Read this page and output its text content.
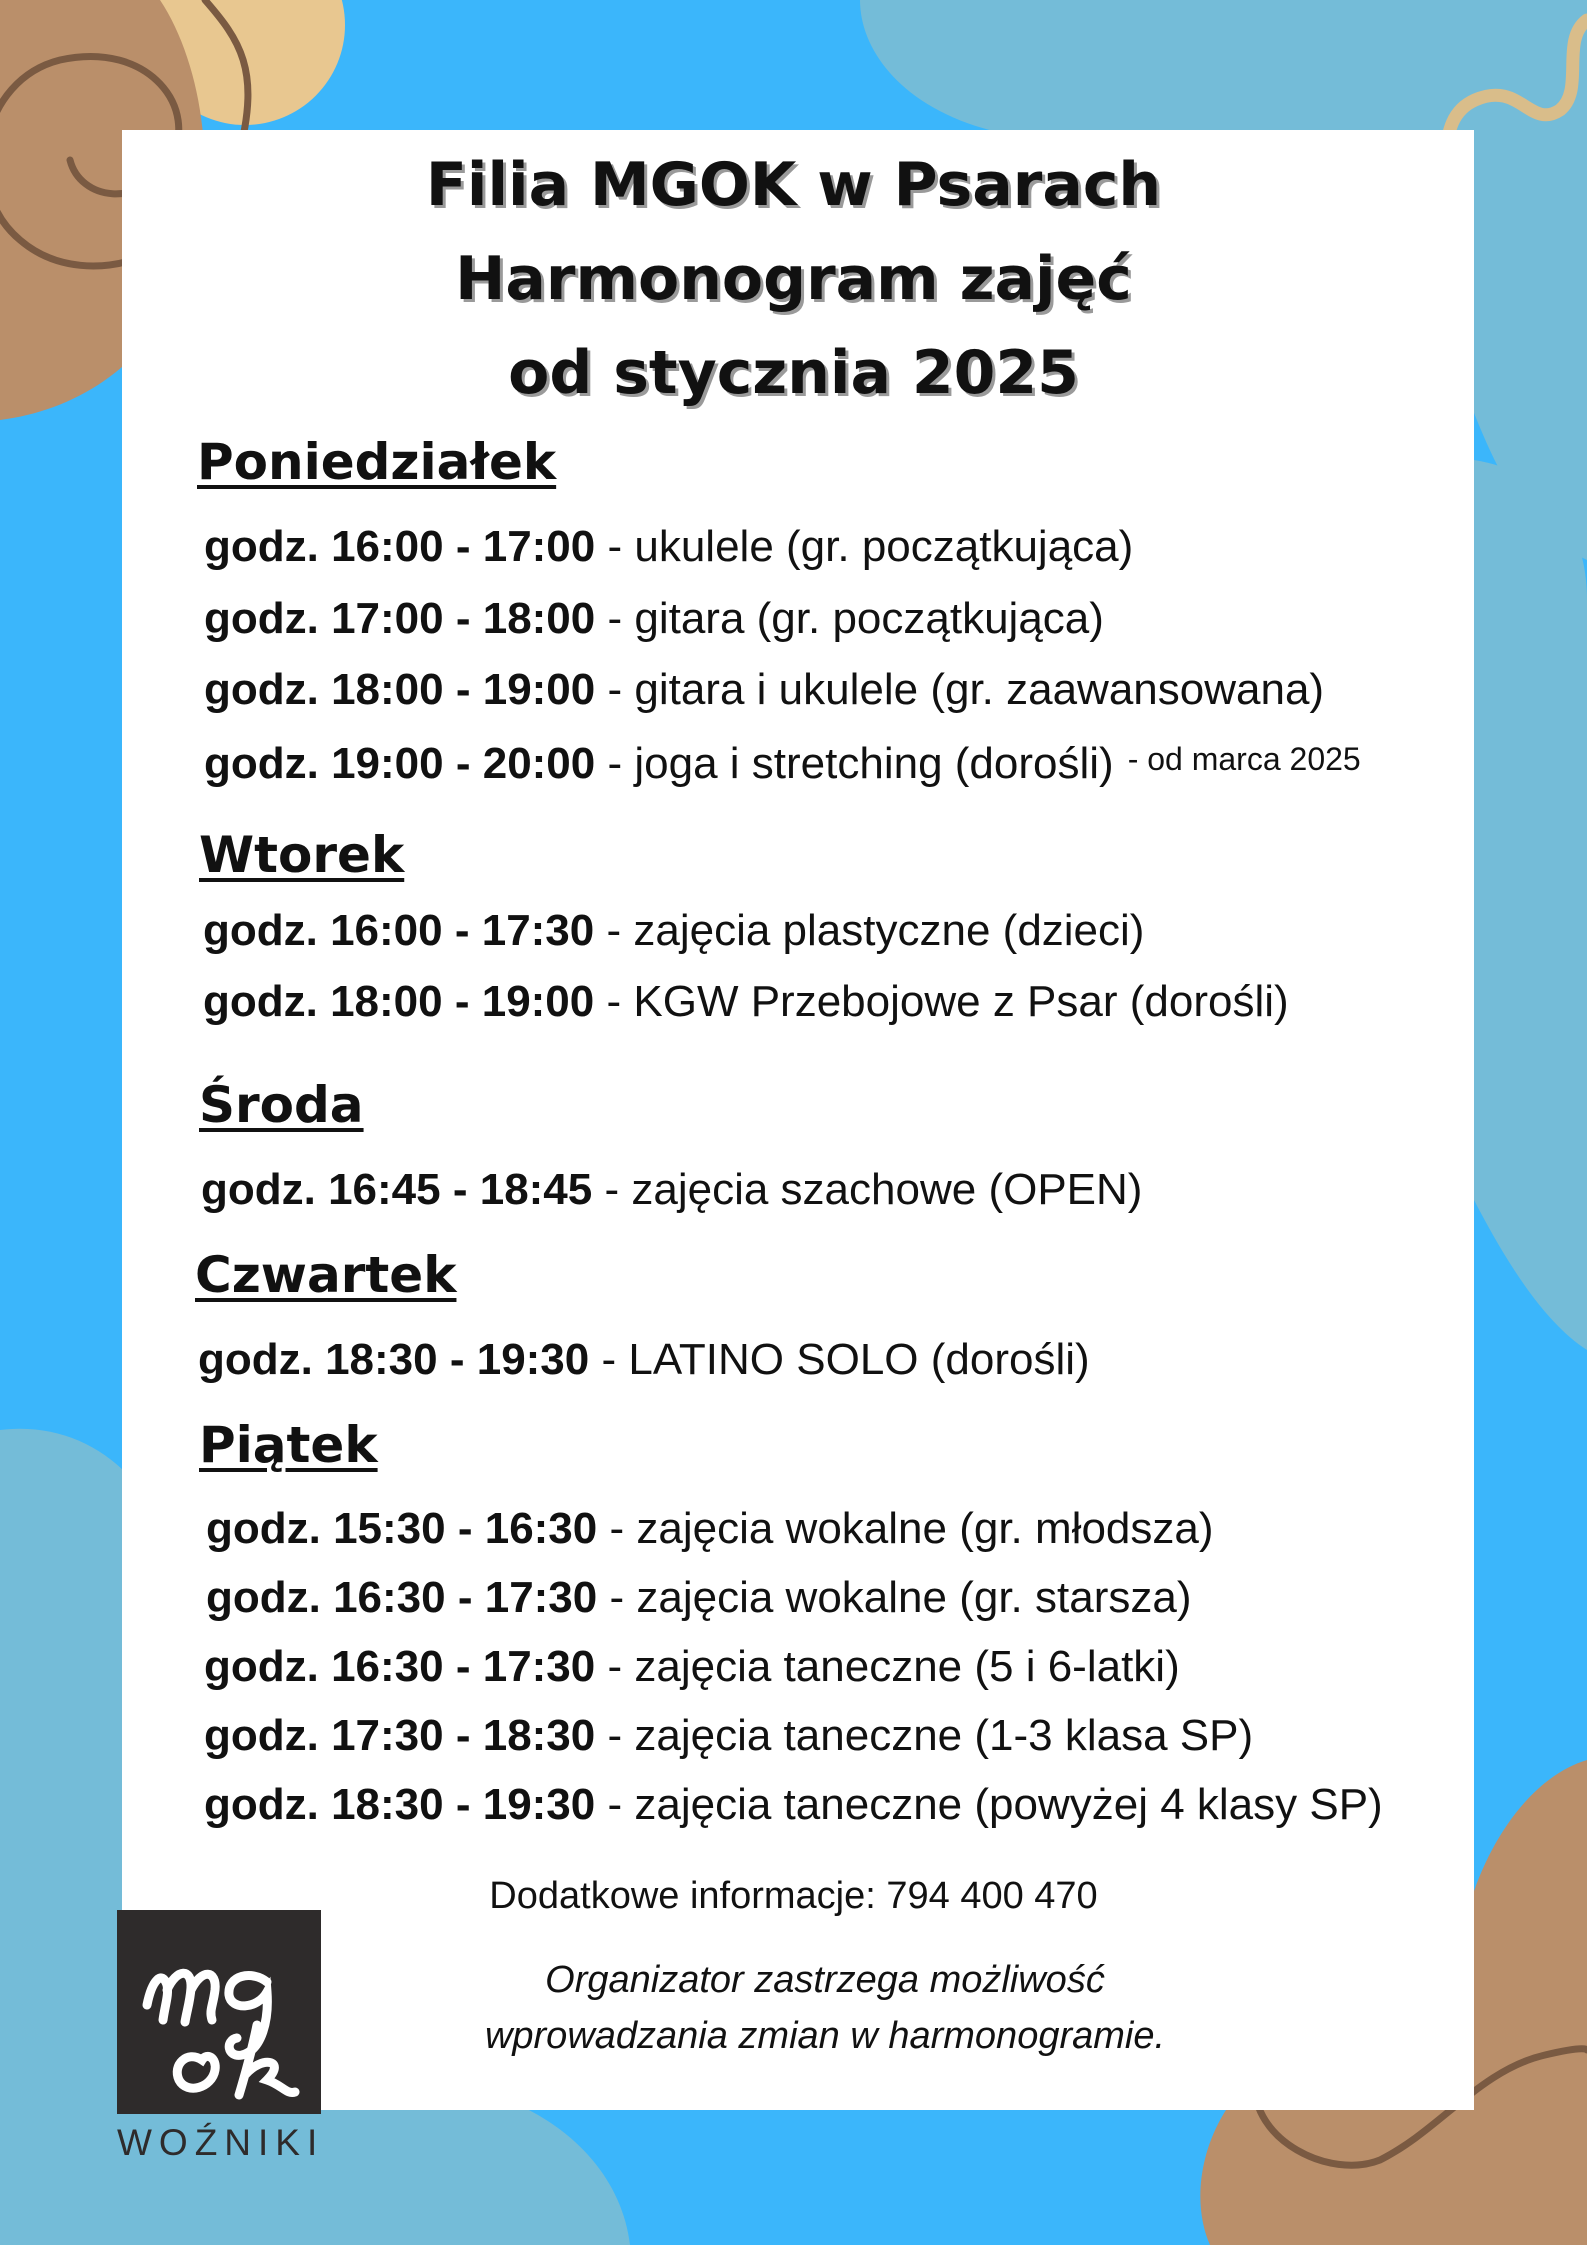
Filia MGOK w Psarach
Harmonogram zajęć
od stycznia 2025
Poniedziałek
godz. 16:00 - 17:00 - ukulele (gr. początkująca)
godz. 17:00 - 18:00 - gitara (gr. początkująca)
godz. 18:00 - 19:00 - gitara i ukulele (gr. zaawansowana)
godz. 19:00 - 20:00 - joga i stretching (dorośli) - od marca 2025
Wtorek
godz. 16:00 - 17:30 - zajęcia plastyczne (dzieci)
godz. 18:00 - 19:00 - KGW Przebojowe z Psar (dorośli)
Środa
godz. 16:45 - 18:45 - zajęcia szachowe (OPEN)
Czwartek
godz. 18:30 - 19:30 - LATINO SOLO (dorośli)
Piątek
godz. 15:30 - 16:30 - zajęcia wokalne (gr. młodsza)
godz. 16:30 - 17:30 - zajęcia wokalne (gr. starsza)
godz. 16:30 - 17:30 - zajęcia taneczne (5 i 6-latki)
godz. 17:30 - 18:30 - zajęcia taneczne (1-3 klasa SP)
godz. 18:30 - 19:30 - zajęcia taneczne (powyżej 4 klasy SP)
Dodatkowe informacje: 794 400 470
Organizator zastrzega możliwość
wprowadzania zmian w harmonogramie.
WOŹNIKI
